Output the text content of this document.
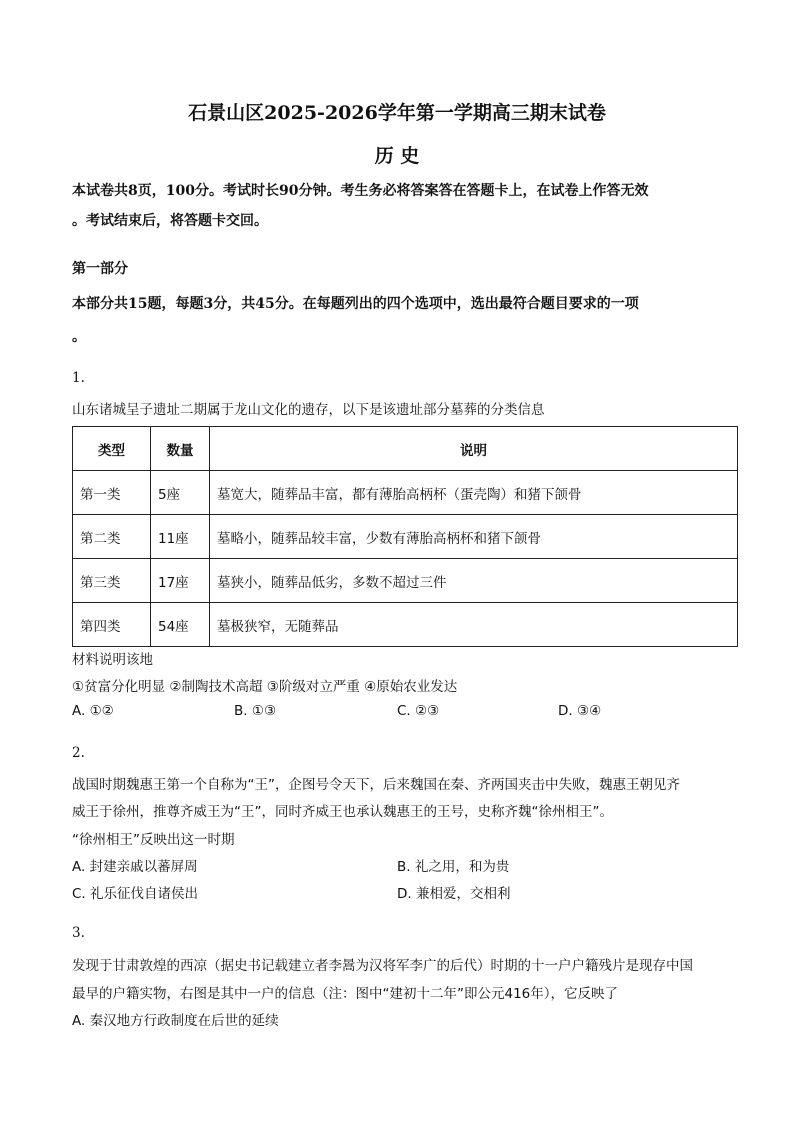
石景山区2025-2026学年第一学期高三期末试卷
历 史
本试卷共8页，100分。考试时长90分钟。考生务必将答案答在答题卡上，在试卷上作答无效
。考试结束后，将答题卡交回。
第一部分
本部分共15题，每题3分，共45分。在每题列出的四个选项中，选出最符合题目要求的一项
。
1.
山东诸城呈子遗址二期属于龙山文化的遗存，以下是该遗址部分墓葬的分类信息
类型	数量	说明
第一类	5座	墓宽大，随葬品丰富，都有薄胎高柄杯（蛋壳陶）和猪下颌骨
第二类	11座	墓略小，随葬品较丰富，少数有薄胎高柄杯和猪下颌骨
第三类	17座	墓狭小，随葬品低劣，多数不超过三件
第四类	54座	墓极狭窄，无随葬品
材料说明该地
①贫富分化明显 ②制陶技术高超 ③阶级对立严重 ④原始农业发达
A. ①②	B. ①③	C. ②③	D. ③④
2.
战国时期魏惠王第一个自称为“王”，企图号令天下，后来魏国在秦、齐两国夹击中失败，魏惠王朝见齐
威王于徐州，推尊齐威王为“王”，同时齐威王也承认魏惠王的王号，史称齐魏“徐州相王”。
“徐州相王”反映出这一时期
A. 封建亲戚以蕃屏周	B. 礼之用，和为贵
C. 礼乐征伐自诸侯出	D. 兼相爱，交相利
3.
发现于甘肃敦煌的西凉（据史书记载建立者李暠为汉将军李广的后代）时期的十一户户籍残片是现存中国
最早的户籍实物，右图是其中一户的信息（注：图中“建初十二年”即公元416年），它反映了
A. 秦汉地方行政制度在后世的延续
